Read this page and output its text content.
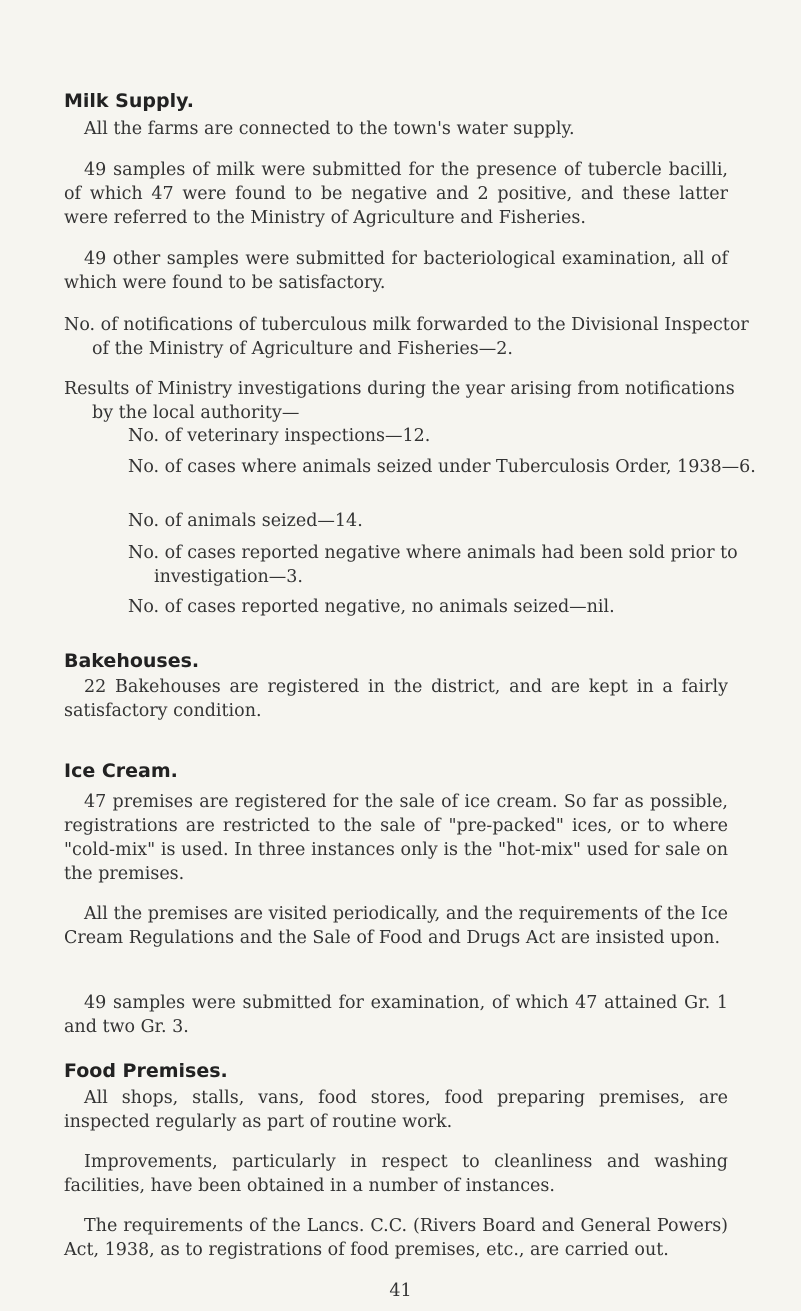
Milk Supply.
All the farms are connected to the town's water supply.
49 samples of milk were submitted for the presence of tubercle bacilli, of which 47 were found to be negative and 2 positive, and these latter were referred to the Ministry of Agriculture and Fisheries.
49 other samples were submitted for bacteriological examination, all of which were found to be satisfactory.
No. of notifications of tuberculous milk forwarded to the Divisional Inspector of the Ministry of Agriculture and Fisheries—2.
Results of Ministry investigations during the year arising from notifications by the local authority—
No. of veterinary inspections—12.
No. of cases where animals seized under Tuberculosis Order, 1938—6.
No. of animals seized—14.
No. of cases reported negative where animals had been sold prior to investigation—3.
No. of cases reported negative, no animals seized—nil.
Bakehouses.
22 Bakehouses are registered in the district, and are kept in a fairly satisfactory condition.
Ice Cream.
47 premises are registered for the sale of ice cream. So far as possible, registrations are restricted to the sale of "pre-packed" ices, or to where "cold-mix" is used. In three instances only is the "hot-mix" used for sale on the premises.
All the premises are visited periodically, and the requirements of the Ice Cream Regulations and the Sale of Food and Drugs Act are insisted upon.
49 samples were submitted for examination, of which 47 attained Gr. 1 and two Gr. 3.
Food Premises.
All shops, stalls, vans, food stores, food preparing premises, are inspected regularly as part of routine work.
Improvements, particularly in respect to cleanliness and washing facilities, have been obtained in a number of instances.
The requirements of the Lancs. C.C. (Rivers Board and General Powers) Act, 1938, as to registrations of food premises, etc., are carried out.
41
